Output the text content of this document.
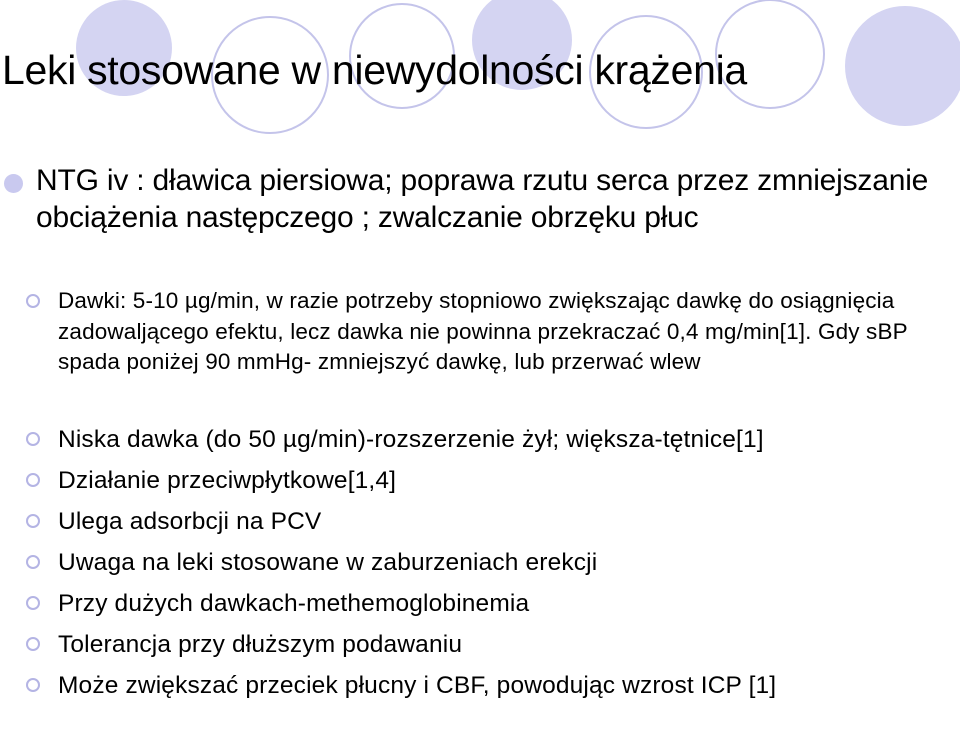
Leki stosowane w niewydolności krążenia
NTG iv : dławica piersiowa; poprawa rzutu serca przez zmniejszanie obciążenia następczego ; zwalczanie obrzęku płuc
Dawki: 5-10 µg/min, w razie potrzeby stopniowo zwiększając dawkę do osiągnięcia zadowaljącego efektu, lecz dawka nie powinna przekraczać 0,4 mg/min[1]. Gdy sBP spada poniżej 90 mmHg- zmniejszyć dawkę, lub przerwać wlew
Niska dawka (do 50 µg/min)-rozszerzenie żył; większa-tętnice[1]
Działanie przeciwpłytkowe[1,4]
Ulega adsorbcji na PCV
Uwaga na leki stosowane w zaburzeniach erekcji
Przy dużych dawkach-methemoglobinemia
Tolerancja przy dłuższym podawaniu
Może zwiększać przeciek płucny i CBF, powodując wzrost ICP [1]
